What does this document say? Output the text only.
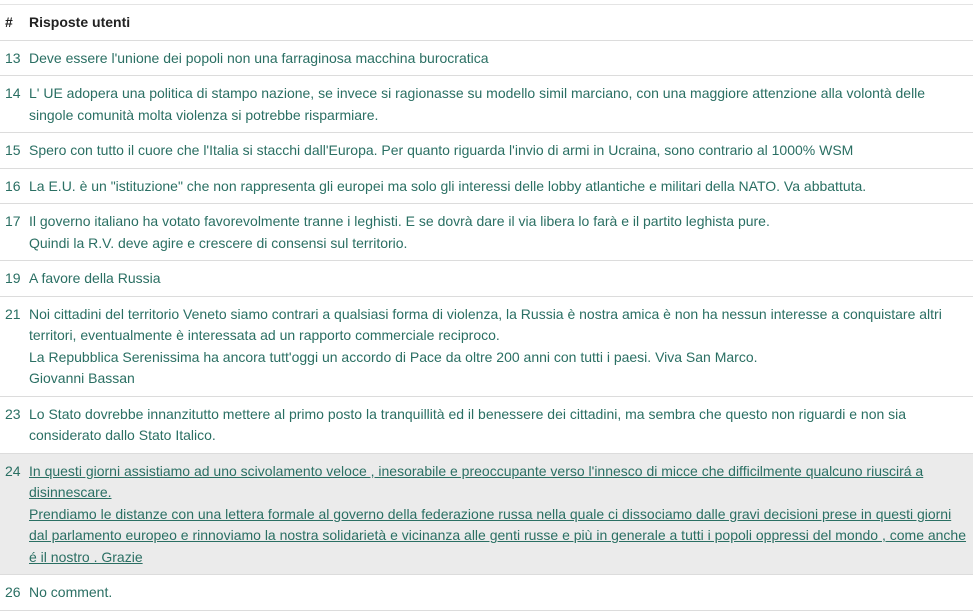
#	Risposte utenti
13 Deve essere l'unione dei popoli non una farraginosa macchina burocratica
14 L' UE adopera una politica di stampo nazione, se invece si ragionasse su modello simil marciano, con una maggiore attenzione alla volontà delle singole comunità molta violenza si potrebbe risparmiare.
15 Spero con tutto il cuore che l'Italia si stacchi dall'Europa. Per quanto riguarda l'invio di armi in Ucraina, sono contrario al 1000% WSM
16 La E.U. è un "istituzione" che non rappresenta gli europei ma solo gli interessi delle lobby atlantiche e militari della NATO. Va abbattuta.
17 Il governo italiano ha votato favorevolmente tranne i leghisti. E se dovrà dare il via libera lo farà e il partito leghista pure.
Quindi la R.V. deve agire e crescere di consensi sul territorio.
19 A favore della Russia
21 Noi cittadini del territorio Veneto siamo contrari a qualsiasi forma di violenza, la Russia è nostra amica è non ha nessun interesse a conquistare altri territori, eventualmente è interessata ad un rapporto commerciale reciproco.
La Repubblica Serenissima ha ancora tutt'oggi un accordo di Pace da oltre 200 anni con tutti i paesi. Viva San Marco.
Giovanni Bassan
23 Lo Stato dovrebbe innanzitutto mettere al primo posto la tranquillità ed il benessere dei cittadini, ma sembra che questo non riguardi e non sia considerato dallo Stato Italico.
24 In questi giorni assistiamo ad uno scivolamento veloce , inesorabile e preoccupante verso l'innesco di micce che difficilmente qualcuno riuscirá a disinnescare.
Prendiamo le distanze con una lettera formale al governo della federazione russa nella quale ci dissociamo dalle gravi decisioni prese in questi giorni dal parlamento europeo e rinnoviamo la nostra solidarietà e vicinanza alle genti russe e più in generale a tutti i popoli oppressi del mondo , come anche é il nostro . Grazie
26 No comment.
